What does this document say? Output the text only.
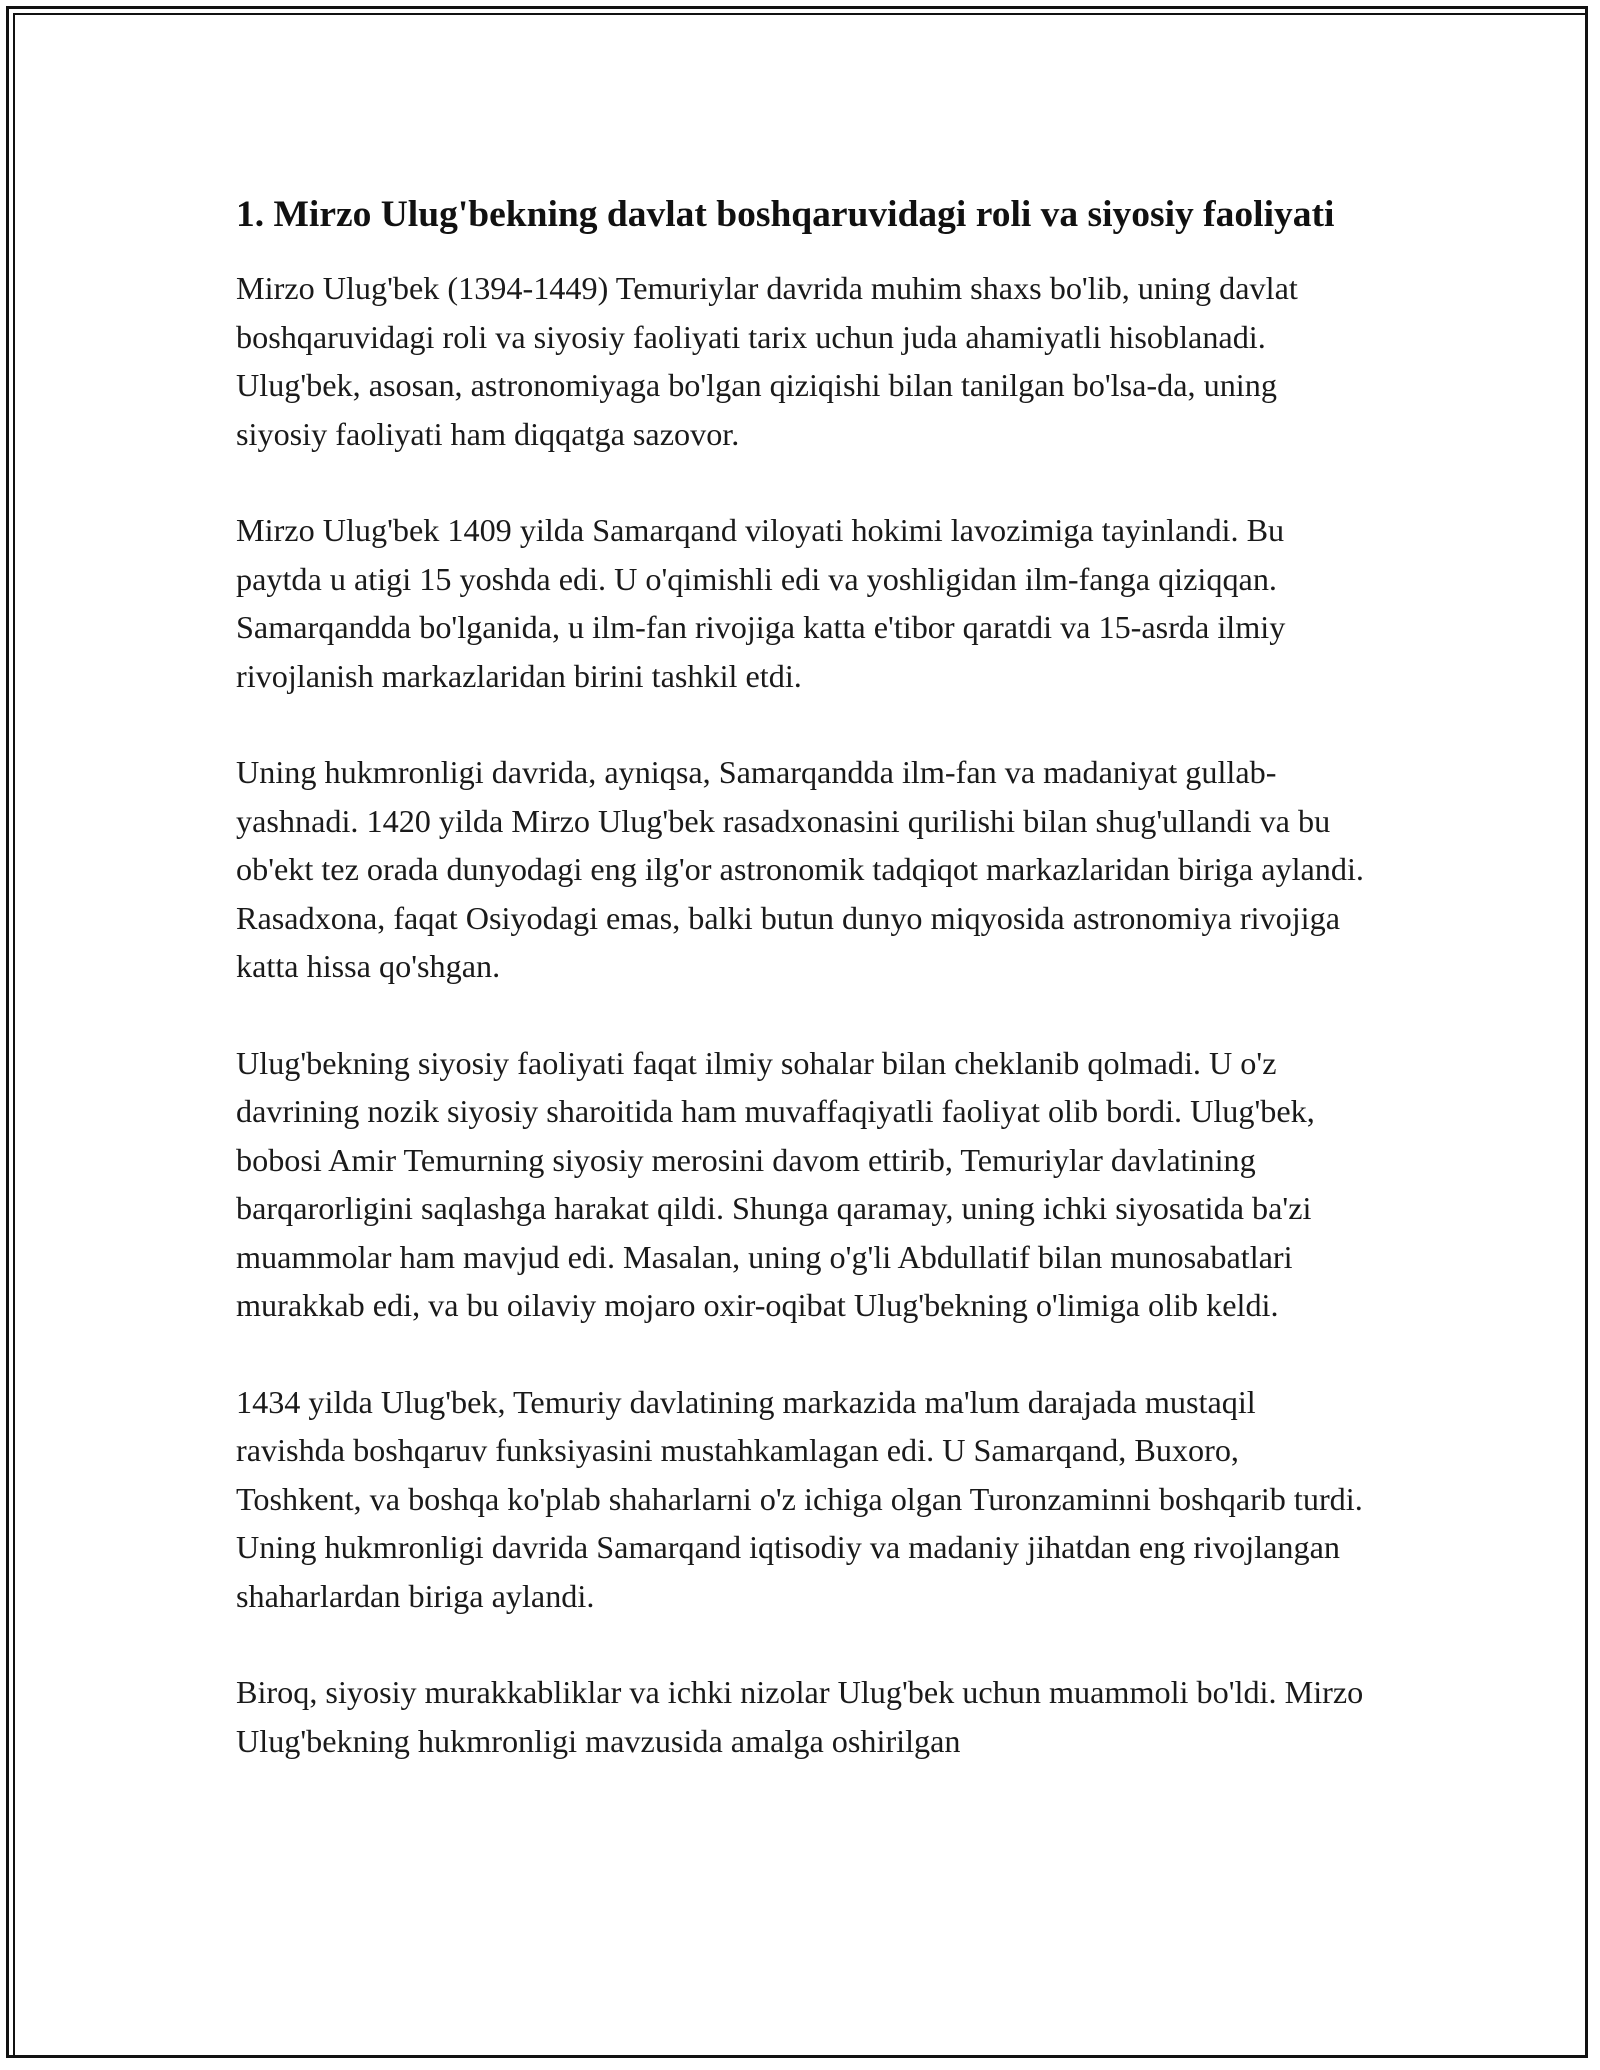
1. Mirzo Ulug'bekning davlat boshqaruvidagi roli va siyosiy faoliyati

Mirzo Ulug'bek (1394-1449) Temuriylar davrida muhim shaxs bo'lib, uning davlat boshqaruvidagi roli va siyosiy faoliyati tarix uchun juda ahamiyatli hisoblanadi. Ulug'bek, asosan, astronomiyaga bo'lgan qiziqishi bilan tanilgan bo'lsa-da, uning siyosiy faoliyati ham diqqatga sazovor.

Mirzo Ulug'bek 1409 yilda Samarqand viloyati hokimi lavozimiga tayinlandi. Bu paytda u atigi 15 yoshda edi. U o'qimishli edi va yoshligidan ilm-fanga qiziqqan. Samarqandda bo'lganida, u ilm-fan rivojiga katta e'tibor qaratdi va 15-asrda ilmiy rivojlanish markazlaridan birini tashkil etdi.

Uning hukmronligi davrida, ayniqsa, Samarqandda ilm-fan va madaniyat gullab-yashnadi. 1420 yilda Mirzo Ulug'bek rasadxonasini qurilishi bilan shug'ullandi va bu ob'ekt tez orada dunyodagi eng ilg'or astronomik tadqiqot markazlaridan biriga aylandi. Rasadxona, faqat Osiyodagi emas, balki butun dunyo miqyosida astronomiya rivojiga katta hissa qo'shgan.

Ulug'bekning siyosiy faoliyati faqat ilmiy sohalar bilan cheklanib qolmadi. U o'z davrining nozik siyosiy sharoitida ham muvaffaqiyatli faoliyat olib bordi. Ulug'bek, bobosi Amir Temurning siyosiy merosini davom ettirib, Temuriylar davlatining barqarorligini saqlashga harakat qildi. Shunga qaramay, uning ichki siyosatida ba'zi muammolar ham mavjud edi. Masalan, uning o'g'li Abdullatif bilan munosabatlari murakkab edi, va bu oilaviy mojaro oxir-oqibat Ulug'bekning o'limiga olib keldi.

1434 yilda Ulug'bek, Temuriy davlatining markazida ma'lum darajada mustaqil ravishda boshqaruv funksiyasini mustahkamlagan edi. U Samarqand, Buxoro, Toshkent, va boshqa ko'plab shaharlarni o'z ichiga olgan Turonzaminni boshqarib turdi. Uning hukmronligi davrida Samarqand iqtisodiy va madaniy jihatdan eng rivojlangan shaharlardan biriga aylandi.

Biroq, siyosiy murakkabliklar va ichki nizolar Ulug'bek uchun muammoli bo'ldi. Mirzo Ulug'bekning hukmronligi mavzusida amalga oshirilgan
